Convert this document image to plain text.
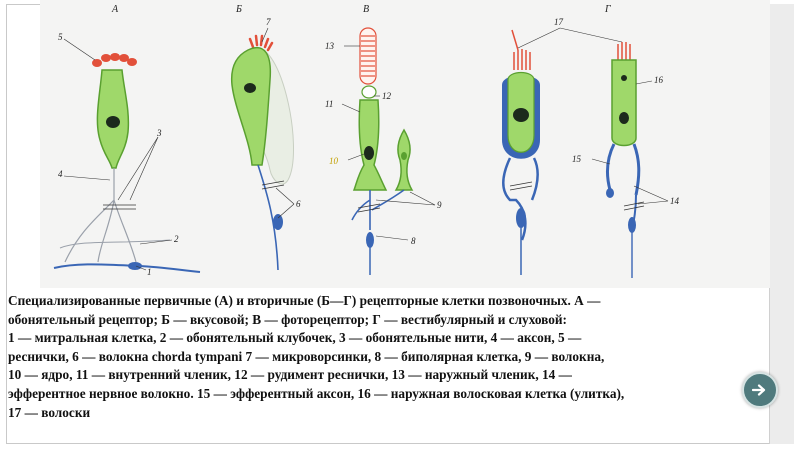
А	Б	В	Г
5
4
3
2
1
7
6
13
12
11
10
9
8
17
16
15
14

Специализированные первичные (А) и вторичные (Б—Г) рецепторные клетки позвоночных. А —

обонятельный рецептор; Б — вкусовой; В — фоторецептор; Г — вестибулярный и слуховой:

1 — митральная клетка, 2 — обонятельный клубочек, 3 — обонятельные нити, 4 — аксон, 5 —

реснички, 6 — волокна chorda tympani 7 — микроворсинки, 8 — биполярная клетка, 9 — волокна,

10 — ядро, 11 — внутренний членик, 12 — рудимент реснички, 13 — наружный членик, 14 —

эфферентное нервное волокно. 15 — эфферентный аксон, 16 — наружная волосковая клетка (улитка),

17 — волоски
